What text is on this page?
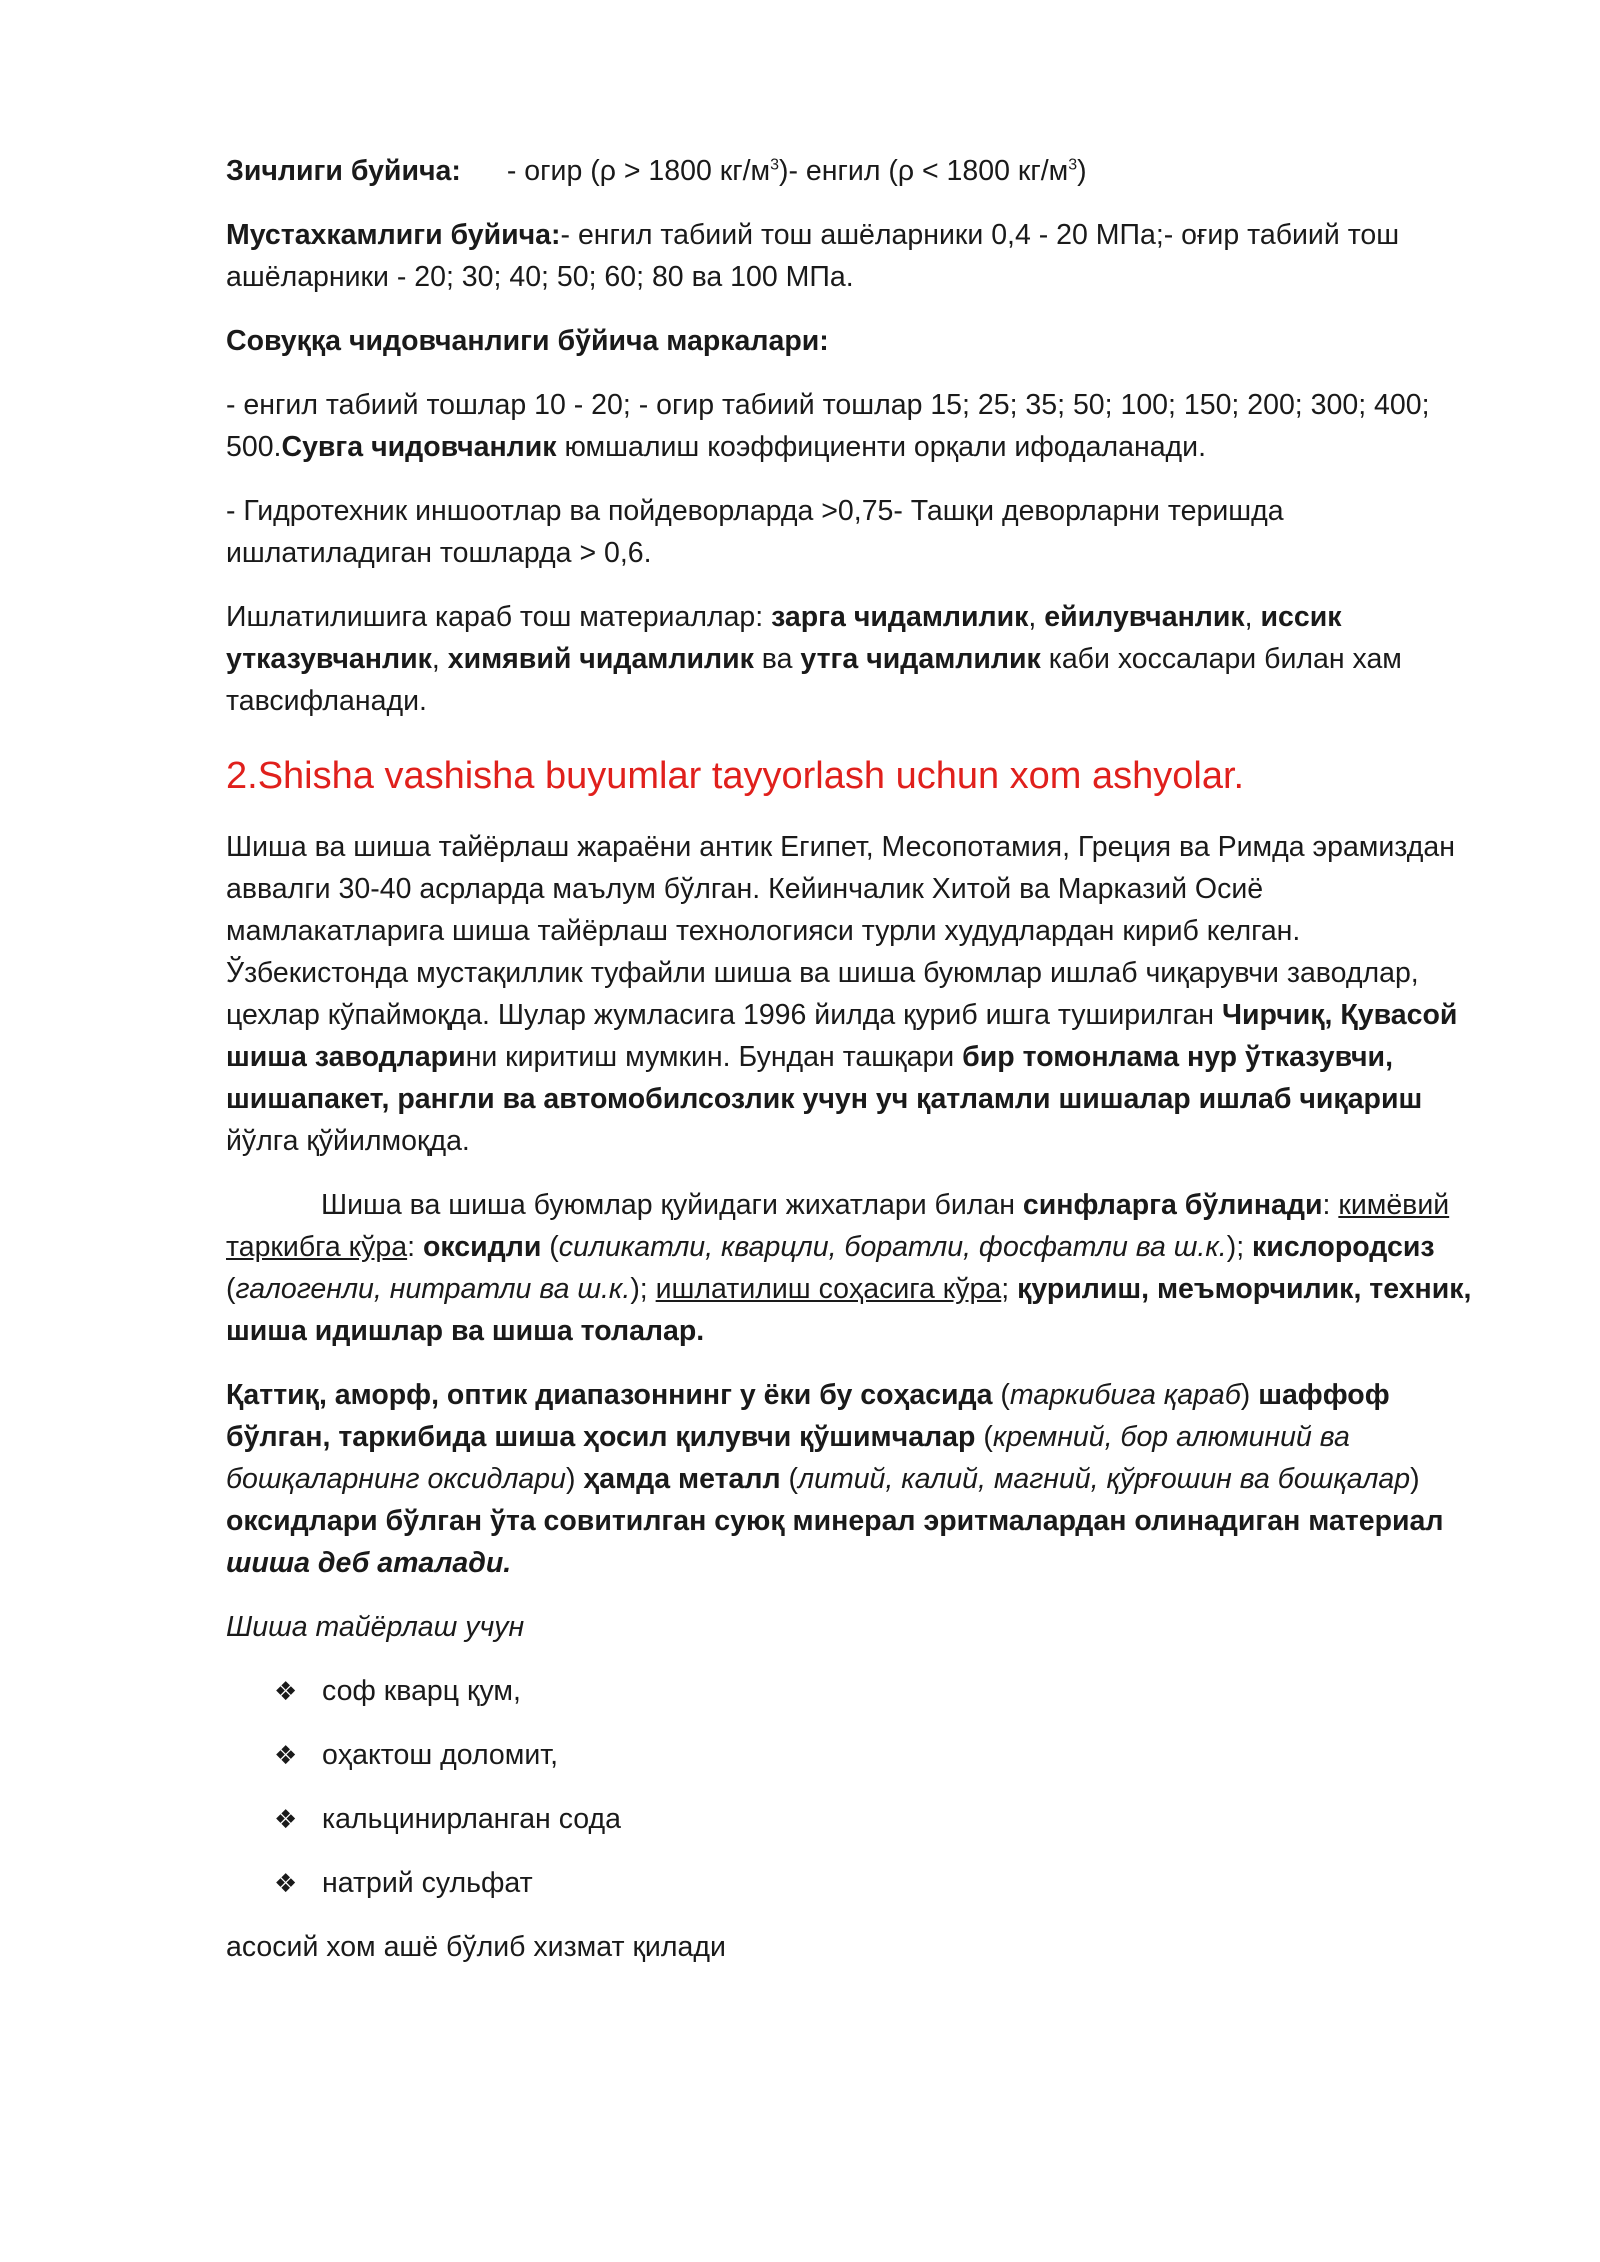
Зичлиги буйича: - огир (ρ > 1800 $кг/м^3)-$ енгил (ρ < 1800 $кг/м^3$)

Мустахкамлиги буйича:- енгил табиий тош ашёларники 0,4 - 20 МПа;- оғир табиий тош ашёларники - 20; 30; 40; 50; 60; 80 ва 100 МПа.

Совуққа чидовчанлиги бўйича маркалари:

- енгил табиий тошлар 10 - 20; - огир табиий тошлар 15; 25; 35; 50; 100; 150; 200; 300; 400; 500.Сувга чидовчанлик юмшалиш коэффициенти орқали ифодаланади.

- Гидротехник иншоотлар ва пойдеворларда >0,75- Ташқи деворларни теришда ишлатиладиган тошларда > 0,6.

Ишлатилишига караб тош материаллар: зарга чидамлилик, ейилувчанлик, иссик утказувчанлик, химявий чидамлилик ва утга чидамлилик каби хоссалари билан хам тавсифланади.

2.Shisha vashisha buyumlar tayyorlash uchun xom ashyolar.

Шиша ва шиша тайёрлаш жараёни антик Египет, Месопотамия, Греция ва Римда эрамиздан аввалги 30-40 асрларда маълум бўлган. Кейинчалик Хитой ва Марказий Осиё мамлакатларига шиша тайёрлаш технологияси турли худудлардан кириб келган. Ўзбекистонда мустақиллик туфайли шиша ва шиша буюмлар ишлаб чиқарувчи заводлар, цехлар кўпаймоқда. Шулар жумласига 1996 йилда қуриб ишга туширилган Чирчиқ, Қувасой шиша заводларини киритиш мумкин. Бундан ташқари бир томонлама нур ўтказувчи, шишапакет, рангли ва автомобилсозлик учун уч қатламли шишалар ишлаб чиқариш йўлга қўйилмоқда.

Шиша ва шиша буюмлар қуйидаги жихатлари билан синфларга бўлинади: кимёвий таркибга кўра: оксидли (силикатли, кварцли, боратли, фосфатли ва ш.к.); кислородсиз (галогенли, нитратли ва ш.к.); ишлатилиш соҳасига кўра; қурилиш, меъморчилик, техник, шиша идишлар ва шиша толалар.

Қаттиқ, аморф, оптик диапазоннинг у ёки бу соҳасида (таркибига қараб) шаффоф бўлган, таркибида шиша ҳосил қилувчи қўшимчалар (кремний, бор алюминий ва бошқаларнинг оксидлари) ҳамда металл (литий, калий, магний, қўрғошин ва бошқалар) оксидлари бўлган ўта совитилган суюқ минерал эритмалардан олинадиган материал шиша деб аталади.

Шиша тайёрлаш учун

❖ соф кварц қум,
❖ оҳактош доломит,
❖ кальцинирланган сода
❖ натрий сульфат

асосий хом ашё бўлиб хизмат қилади
